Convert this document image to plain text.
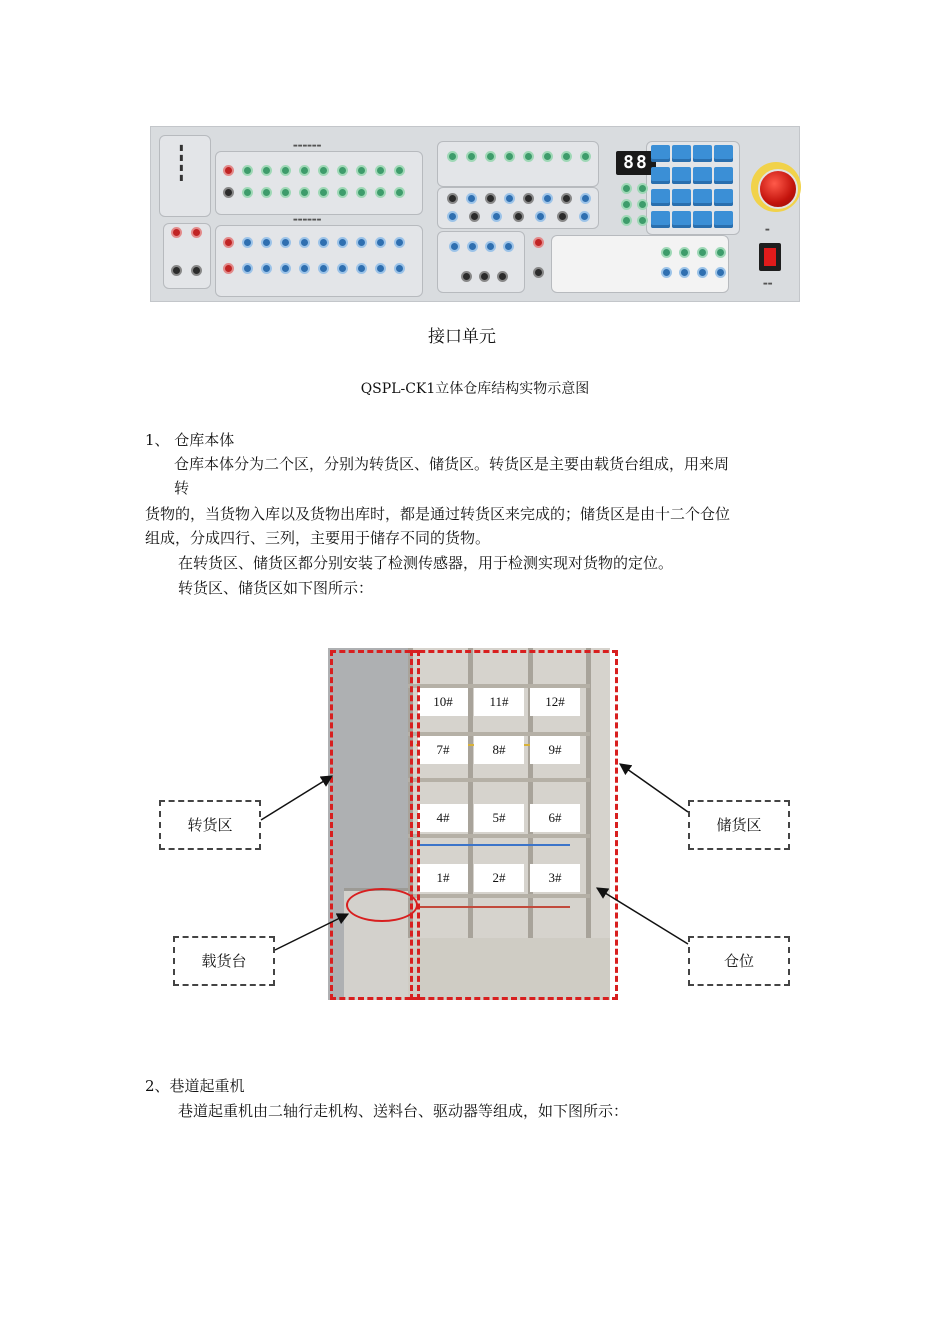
▮▮▮▮	▬▬▬▬▬▬
▬▬▬▬▬▬
▬
▬▬
88
接口单元
QSPL-CK1立体仓库结构实物示意图
1、 仓库本体
仓库本体分为二个区，分别为转货区、储货区。转货区是主要由载货台组成，用来周
转
货物的，当货物入库以及货物出库时，都是通过转货区来完成的；储货区是由十二个仓位
组成，分成四行、三列，主要用于储存不同的货物。
在转货区、储货区都分别安装了检测传感器，用于检测实现对货物的定位。
转货区、储货区如下图所示：
10#	11#	12#
7#	8#	9#
4#	5#	6#
1#	2#	3#
转货区	储货区
载货台	仓位
2、巷道起重机
巷道起重机由二轴行走机构、送料台、驱动器等组成，如下图所示：
